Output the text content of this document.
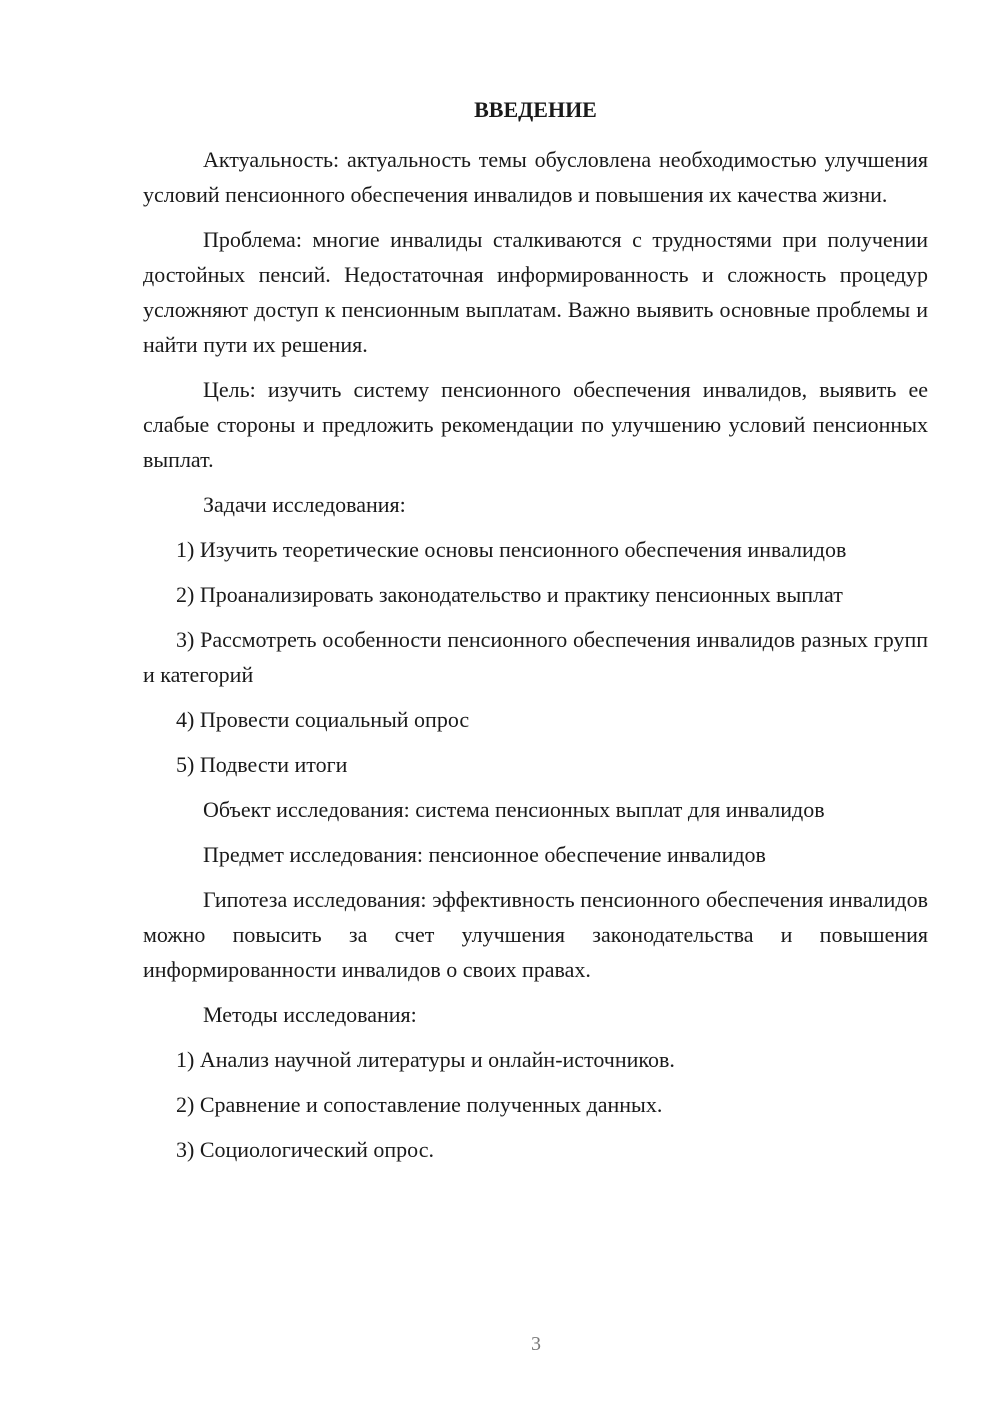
ВВЕДЕНИЕ

Актуальность: актуальность темы обусловлена необходимостью улучшения условий пенсионного обеспечения инвалидов и повышения их качества жизни.

Проблема: многие инвалиды сталкиваются с трудностями при получении достойных пенсий. Недостаточная информированность и сложность процедур усложняют доступ к пенсионным выплатам. Важно выявить основные проблемы и найти пути их решения.

Цель: изучить систему пенсионного обеспечения инвалидов, выявить ее слабые стороны и предложить рекомендации по улучшению условий пенсионных выплат.

Задачи исследования:

1) Изучить теоретические основы пенсионного обеспечения инвалидов

2) Проанализировать законодательство и практику пенсионных выплат

3) Рассмотреть особенности пенсионного обеспечения инвалидов разных групп и категорий

4) Провести социальный опрос

5) Подвести итоги

Объект исследования: система пенсионных выплат для инвалидов

Предмет исследования: пенсионное обеспечение инвалидов

Гипотеза исследования: эффективность пенсионного обеспечения инвалидов можно повысить за счет улучшения законодательства и повышения информированности инвалидов о своих правах.

Методы исследования:

1) Анализ научной литературы и онлайн-источников.

2) Сравнение и сопоставление полученных данных.

3) Социологический опрос.

3
